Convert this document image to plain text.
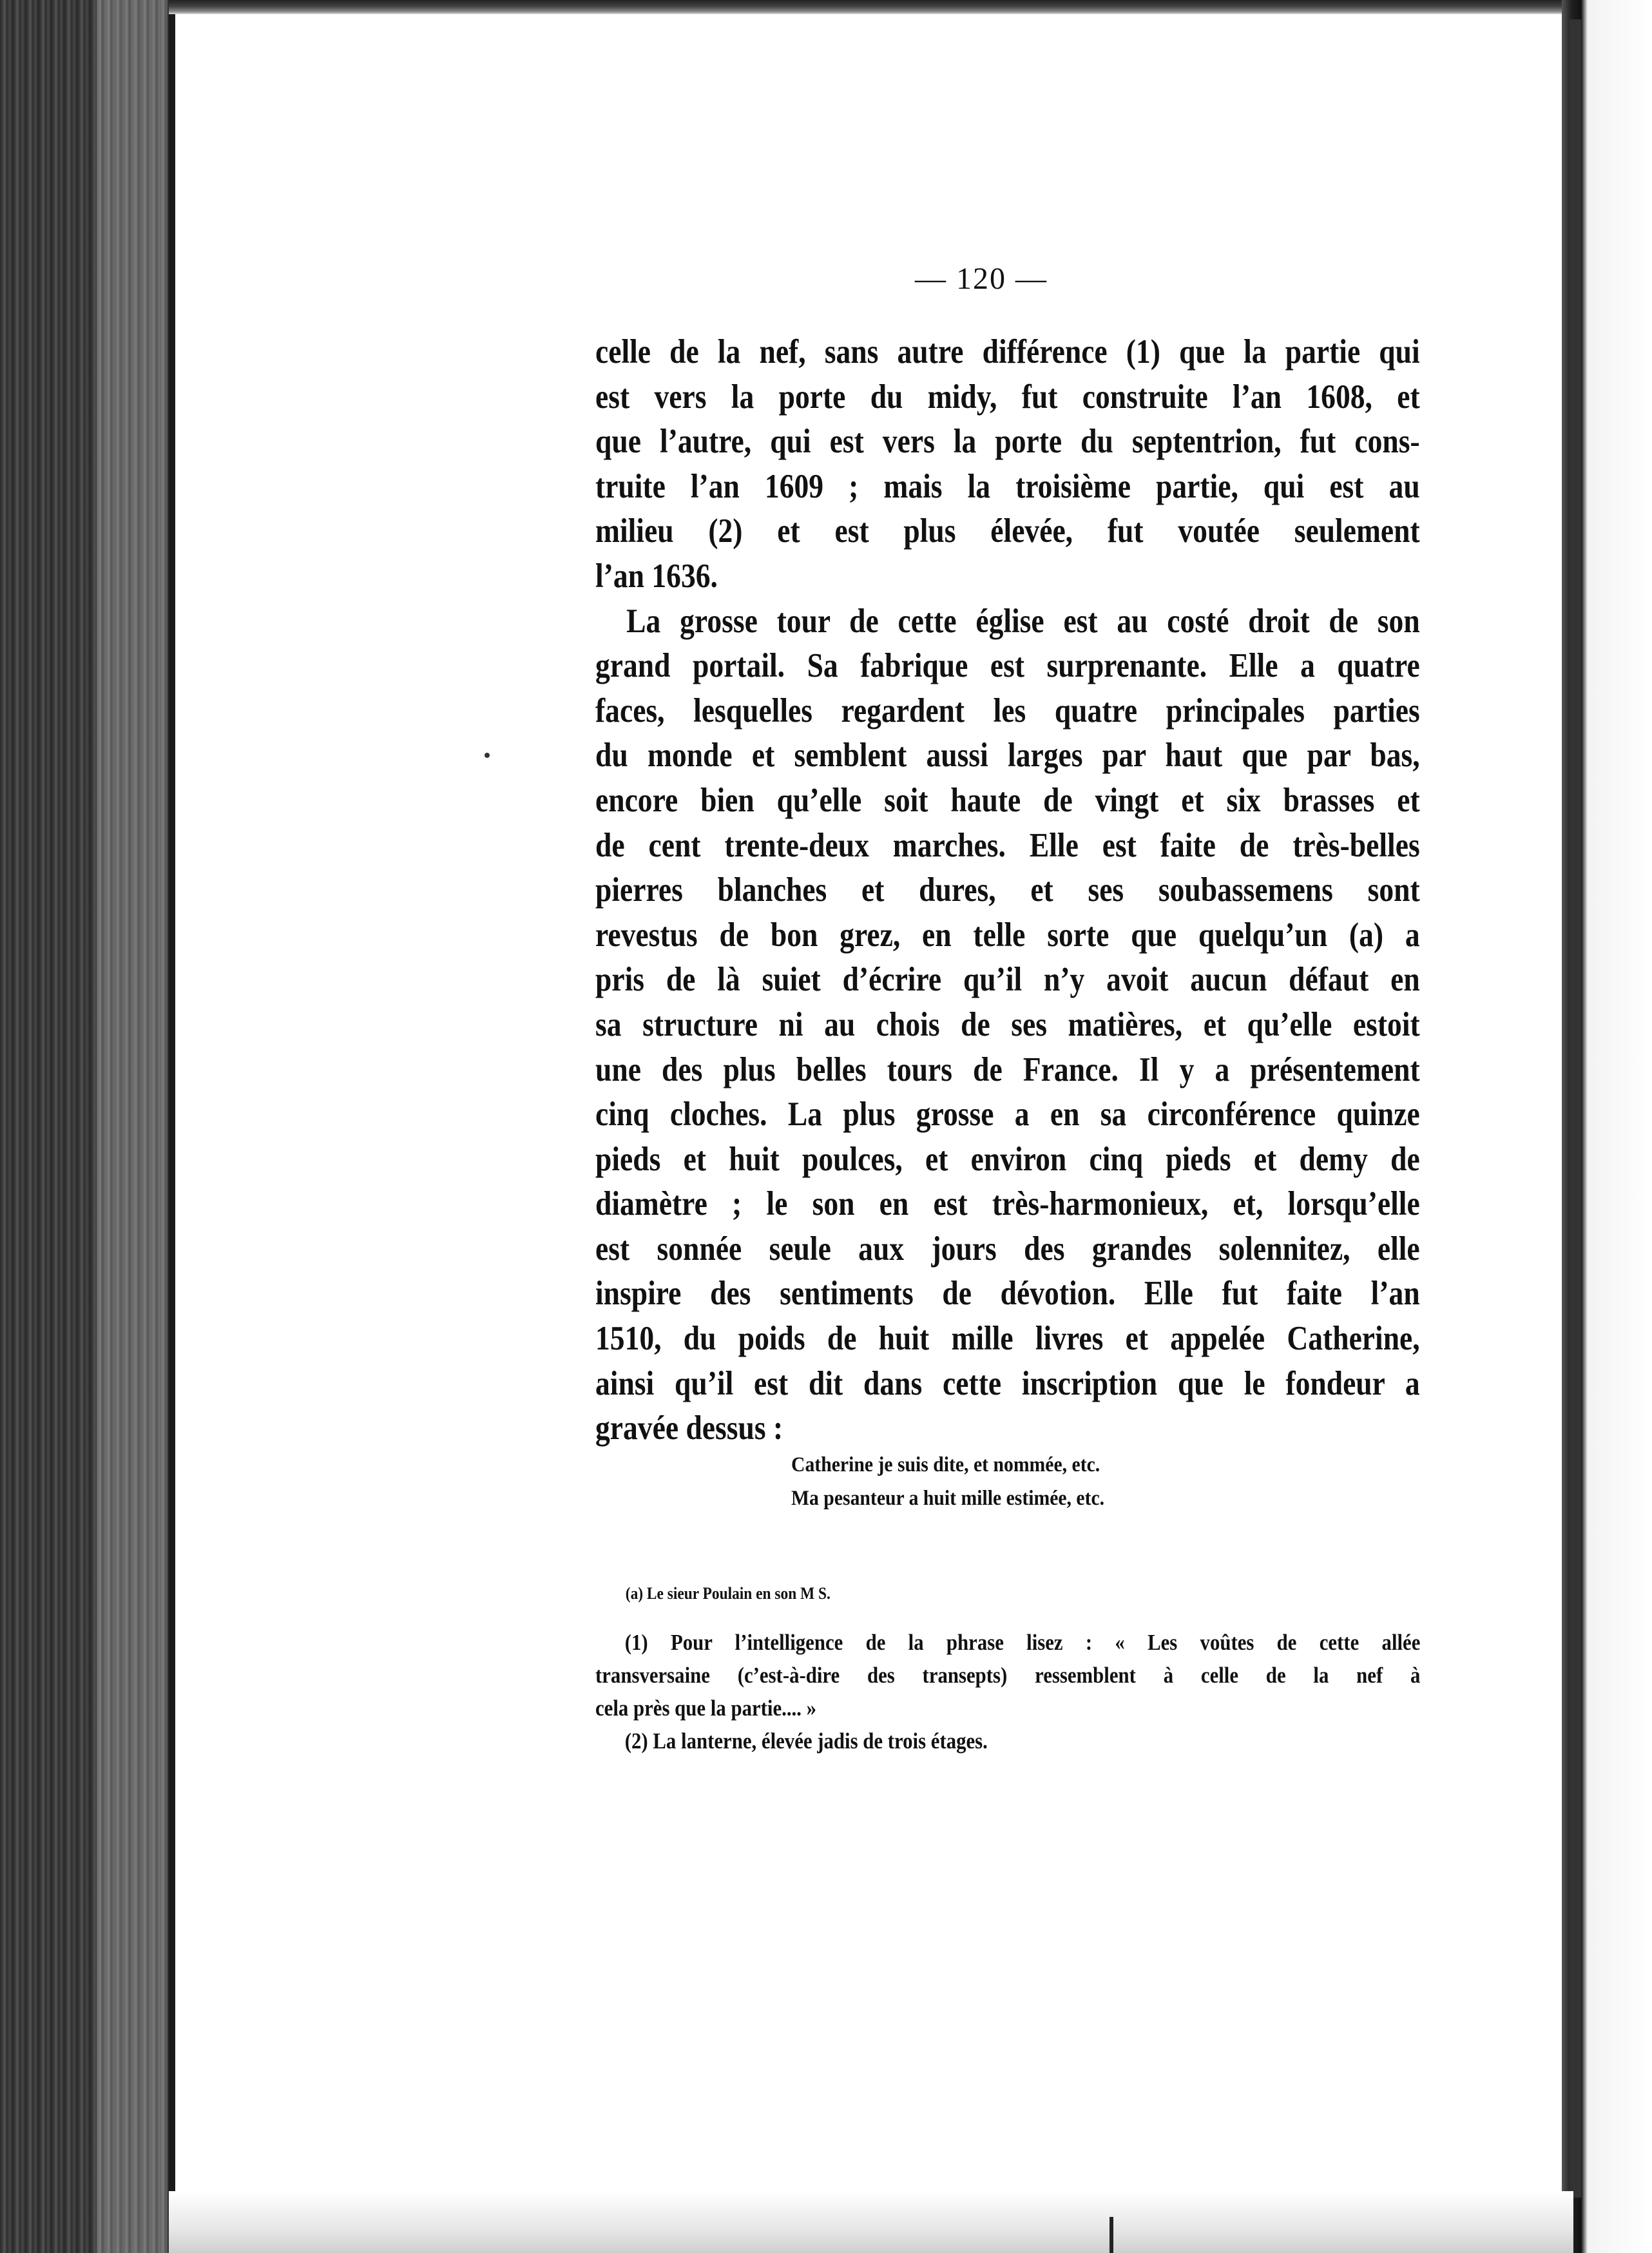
— 120 —
celle de la nef, sans autre différence (1) que la partie qui
est vers la porte du midy, fut construite l’an 1608, et
que l’autre, qui est vers la porte du septentrion, fut cons-
truite l’an 1609 ; mais la troisième partie, qui est au
milieu (2) et est plus élevée, fut voutée seulement
l’an 1636.
La grosse tour de cette église est au costé droit de son
grand portail. Sa fabrique est surprenante. Elle a quatre
faces, lesquelles regardent les quatre principales parties
du monde et semblent aussi larges par haut que par bas,
encore bien qu’elle soit haute de vingt et six brasses et
de cent trente-deux marches. Elle est faite de très-belles
pierres blanches et dures, et ses soubassemens sont
revestus de bon grez, en telle sorte que quelqu’un (a) a
pris de là suiet d’écrire qu’il n’y avoit aucun défaut en
sa structure ni au chois de ses matières, et qu’elle estoit
une des plus belles tours de France. Il y a présentement
cinq cloches. La plus grosse a en sa circonférence quinze
pieds et huit poulces, et environ cinq pieds et demy de
diamètre ; le son en est très-harmonieux, et, lorsqu’elle
est sonnée seule aux jours des grandes solennitez, elle
inspire des sentiments de dévotion. Elle fut faite l’an
1510, du poids de huit mille livres et appelée Catherine,
ainsi qu’il est dit dans cette inscription que le fondeur a
gravée dessus :
Catherine je suis dite, et nommée, etc.
Ma pesanteur a huit mille estimée, etc.
(a) Le sieur Poulain en son M S.
(1) Pour l’intelligence de la phrase lisez : « Les voûtes de cette allée
transversaine (c’est-à-dire des transepts) ressemblent à celle de la nef à
cela près que la partie.... »
(2) La lanterne, élevée jadis de trois étages.
